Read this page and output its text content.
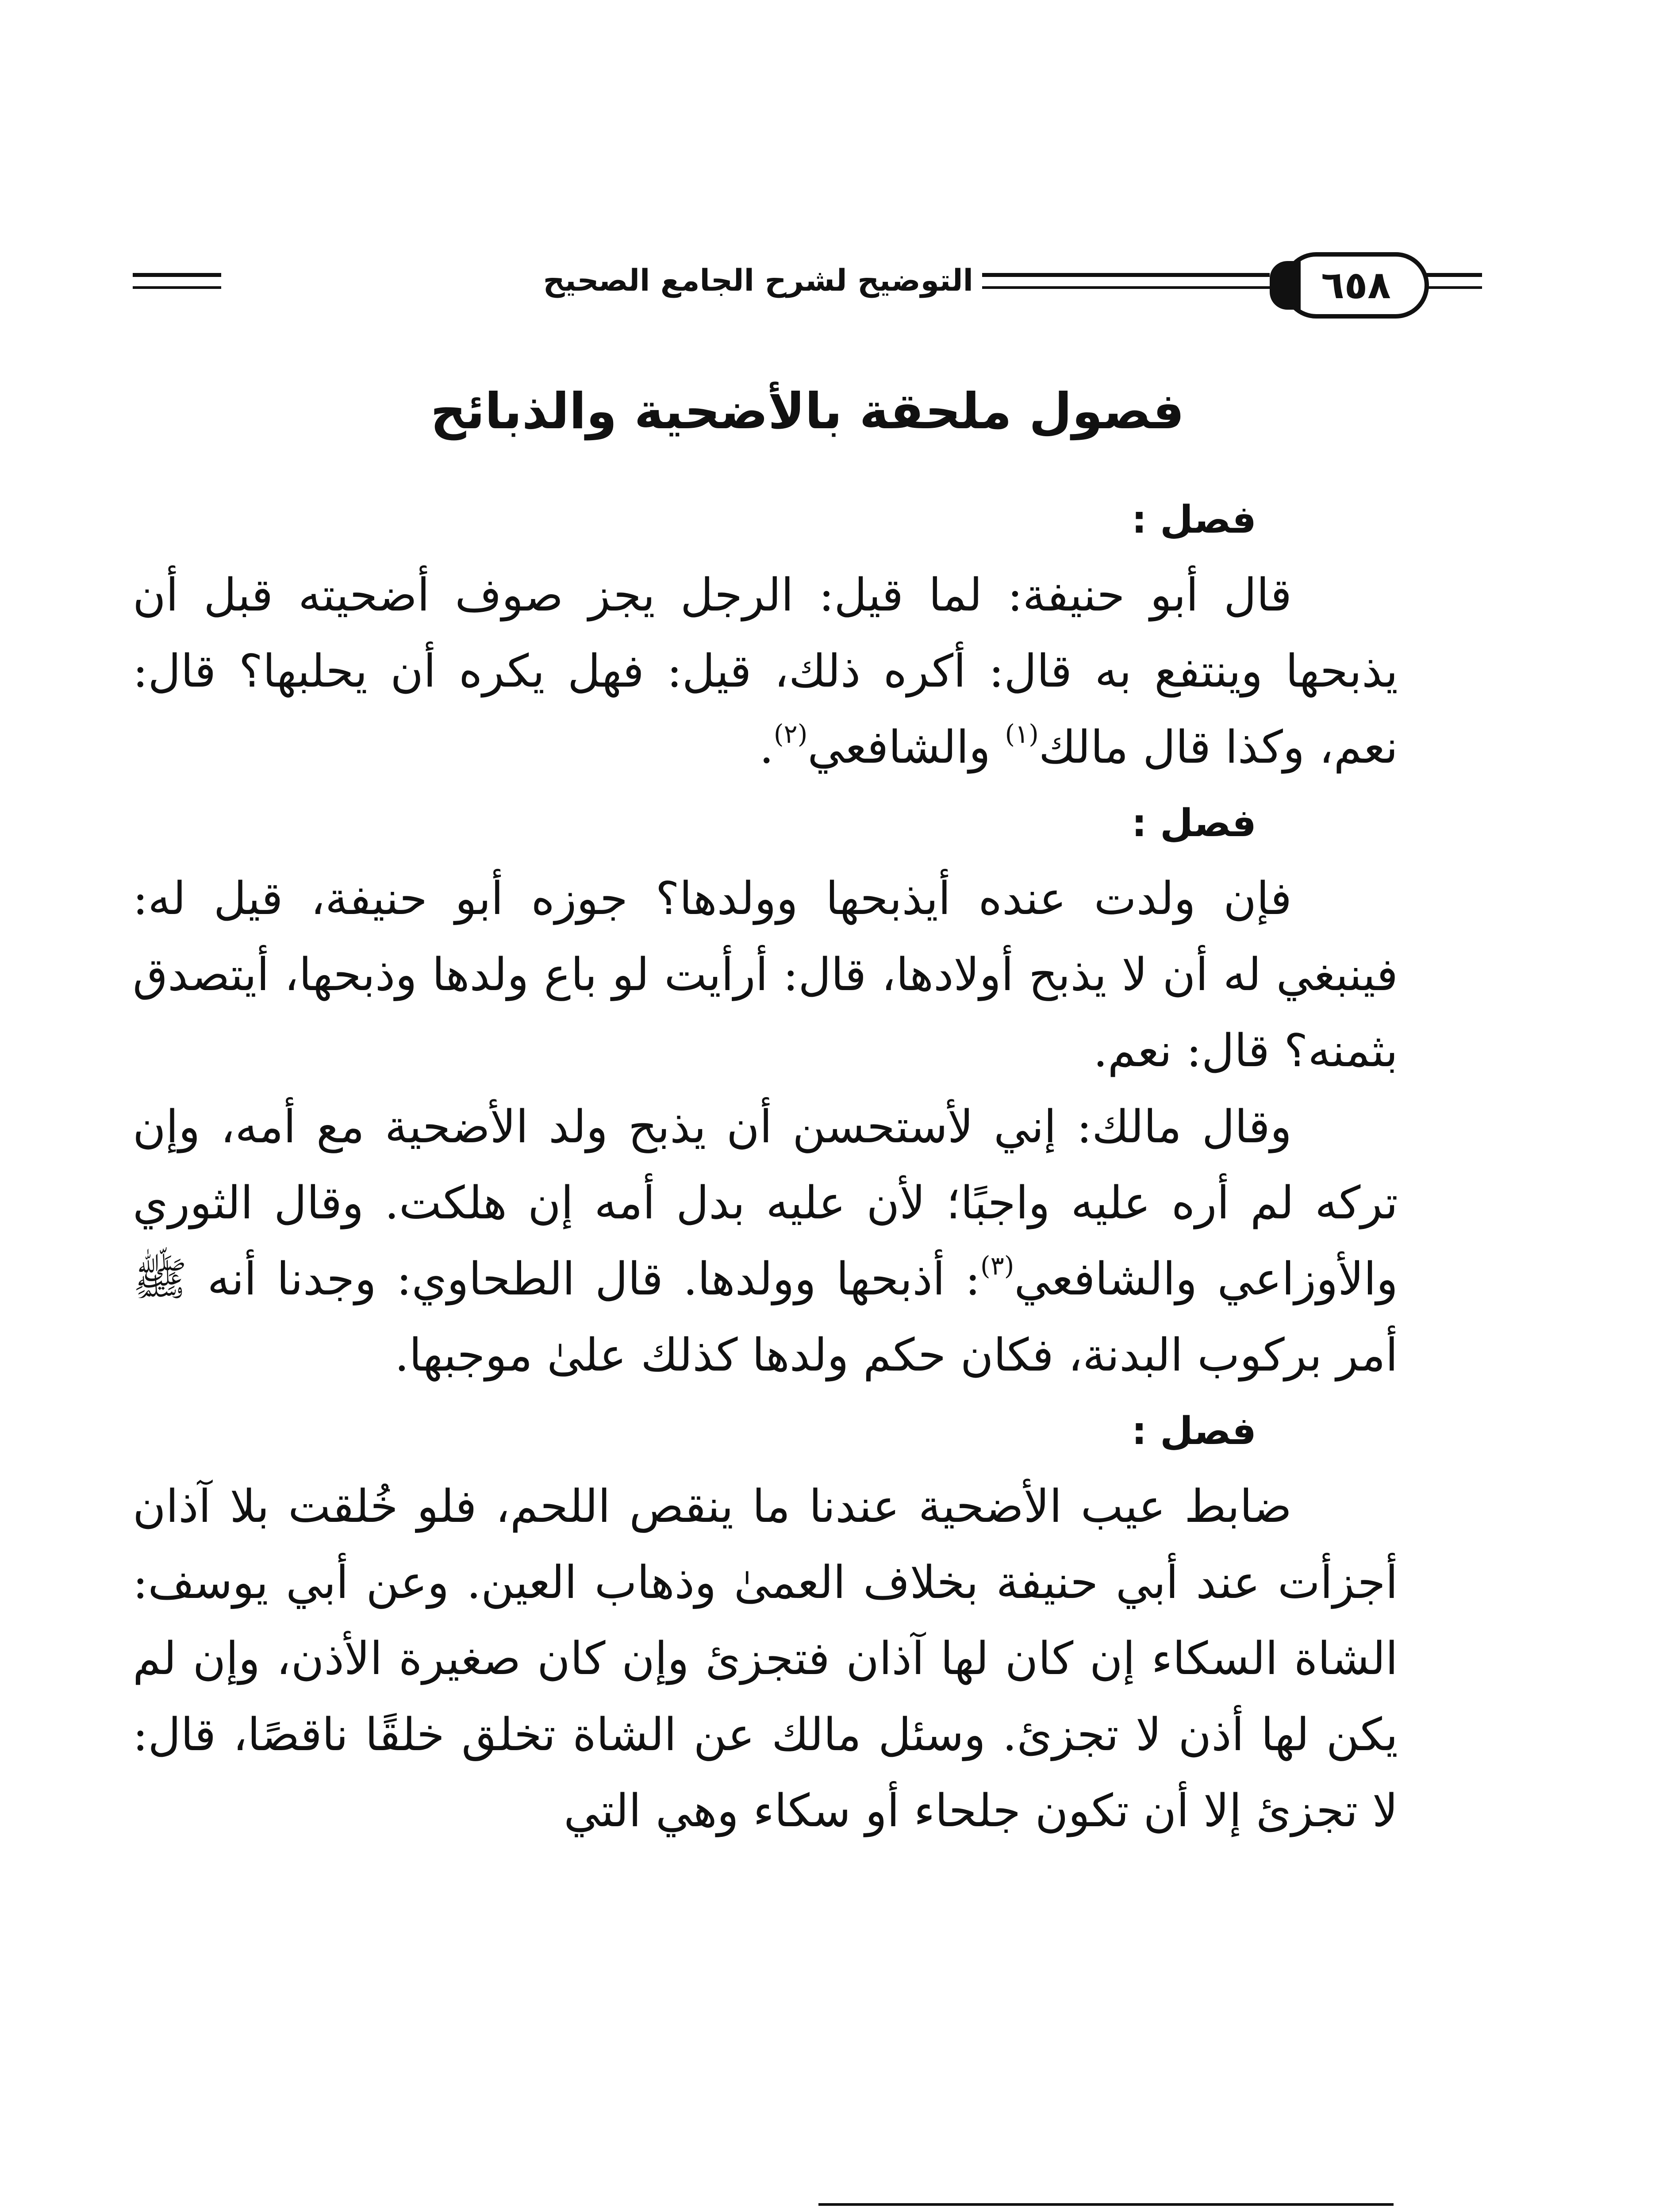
٦٥٨
التوضيح لشرح الجامع الصحيح
فصول ملحقة بالأضحية والذبائح
فصل :

قال أبو حنيفة: لما قيل: الرجل يجز صوف أضحيته قبل أن يذبحها وينتفع به قال: أكره ذلك، قيل: فهل يكره أن يحلبها؟ قال: نعم، وكذا قال مالك$^{(١)}$ والشافعي$^{(٢)}$.

فصل :

فإن ولدت عنده أيذبحها وولدها؟ جوزه أبو حنيفة، قيل له: فينبغي له أن لا يذبح أولادها، قال: أرأيت لو باع ولدها وذبحها، أيتصدق بثمنه؟ قال: نعم.

وقال مالك: إني لأستحسن أن يذبح ولد الأضحية مع أمه، وإن تركه لم أره عليه واجبًا؛ لأن عليه بدل أمه إن هلكت. وقال الثوري والأوزاعي والشافعي$^{(٣)}$: أذبحها وولدها. قال الطحاوي: وجدنا أنه ﷺ أمر بركوب البدنة، فكان حكم ولدها كذلك علىٰ موجبها.

فصل :

ضابط عيب الأضحية عندنا ما ينقص اللحم، فلو خُلقت بلا آذان أجزأت عند أبي حنيفة بخلاف العمىٰ وذهاب العين. وعن أبي يوسف: الشاة السكاء إن كان لها آذان فتجزئ وإن كان صغيرة الأذن، وإن لم يكن لها أذن لا تجزئ. وسئل مالك عن الشاة تخلق خلقًا ناقصًا، قال: لا تجزئ إلا أن تكون جلحاء أو سكاء وهي التي
